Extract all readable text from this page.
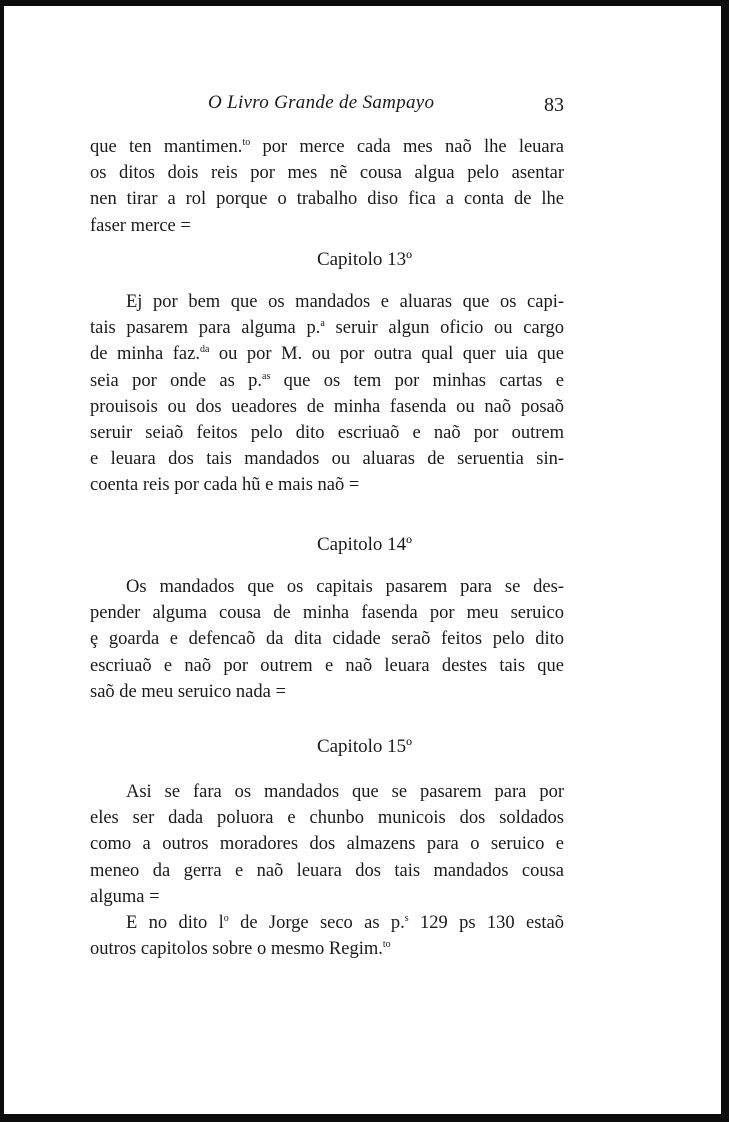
O Livro Grande de Sampayo	83
que ten mantimen.$^{to}$ por merce cada mes naõ lhe leuara
os ditos dois reis por mes nẽ cousa algua pelo asentar
nen tirar a rol porque o trabalho diso fica a conta de lhe
faser merce =
Capitolo 13º
Ej por bem que os mandados e aluaras que os capi-
tais pasarem para alguma p.$^a$ seruir algun oficio ou cargo
de minha faz.$^{da}$ ou por M. ou por outra qual quer uia que
seia por onde as p.$^{as}$ que os tem por minhas cartas e
prouisois ou dos ueadores de minha fasenda ou naõ posaõ
seruir seiaõ feitos pelo dito escriuaõ e naõ por outrem
e leuara dos tais mandados ou aluaras de seruentia sin-
coenta reis por cada hũ e mais naõ =
Capitolo 14º
Os mandados que os capitais pasarem para se des-
pender alguma cousa de minha fasenda por meu seruico
ȩ goarda e defencaõ da dita cidade seraõ feitos pelo dito
escriuaõ e naõ por outrem e naõ leuara destes tais que
saõ de meu seruico nada =
Capitolo 15º
Asi se fara os mandados que se pasarem para por
eles ser dada poluora e chunbo municois dos soldados
como a outros moradores dos almazens para o seruico e
meneo da gerra e naõ leuara dos tais mandados cousa
alguma =
E no dito $l^o$ de Jorge seco as p.$^s$ 129 ps 130 estaõ
outros capitolos sobre o mesmo Regim.$^{to}$
